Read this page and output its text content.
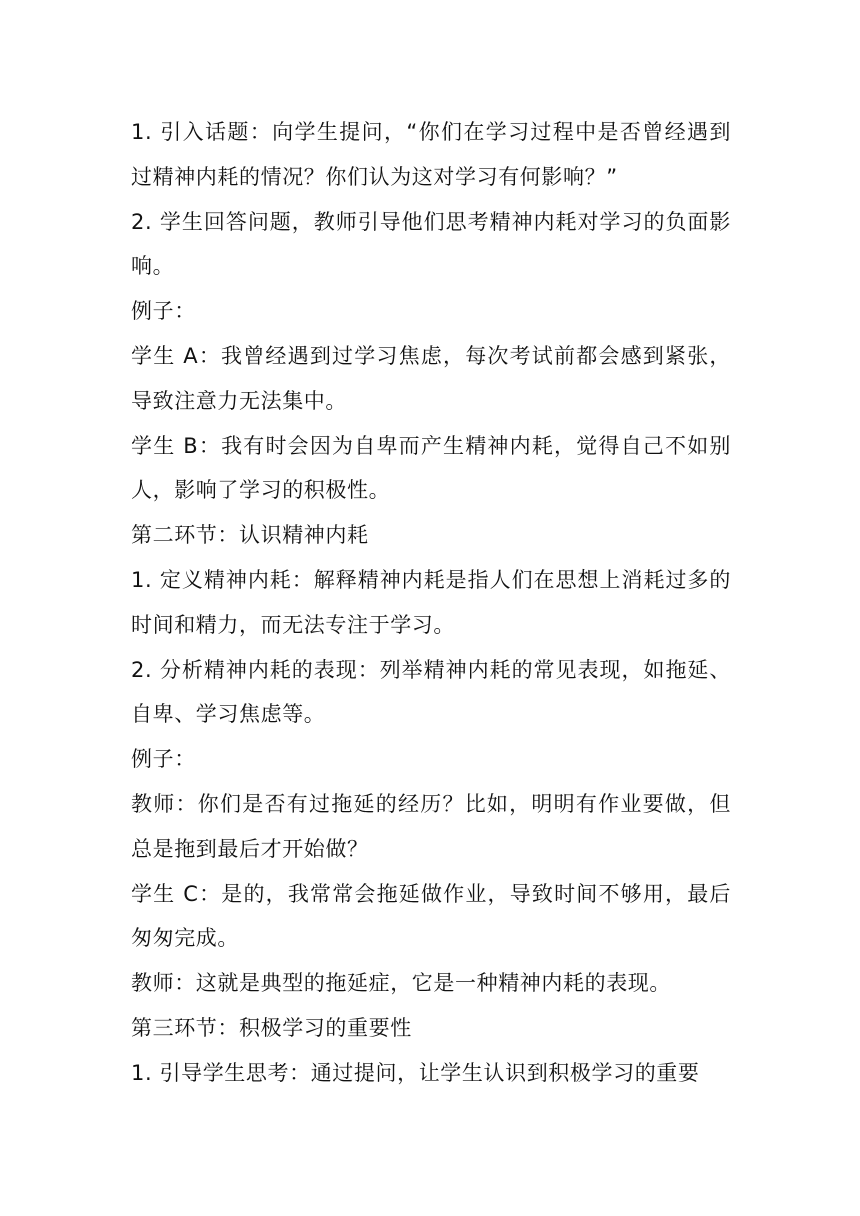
1. 引入话题：向学生提问，“你们在学习过程中是否曾经遇到过精神内耗的情况？你们认为这对学习有何影响？”

2. 学生回答问题，教师引导他们思考精神内耗对学习的负面影响。

例子：

学生 A：我曾经遇到过学习焦虑，每次考试前都会感到紧张，导致注意力无法集中。

学生 B：我有时会因为自卑而产生精神内耗，觉得自己不如别人，影响了学习的积极性。

第二环节：认识精神内耗

1. 定义精神内耗：解释精神内耗是指人们在思想上消耗过多的时间和精力，而无法专注于学习。

2. 分析精神内耗的表现：列举精神内耗的常见表现，如拖延、自卑、学习焦虑等。

例子：

教师：你们是否有过拖延的经历？比如，明明有作业要做，但总是拖到最后才开始做？

学生 C：是的，我常常会拖延做作业，导致时间不够用，最后匆匆完成。

教师：这就是典型的拖延症，它是一种精神内耗的表现。

第三环节：积极学习的重要性

1. 引导学生思考：通过提问，让学生认识到积极学习的重要
